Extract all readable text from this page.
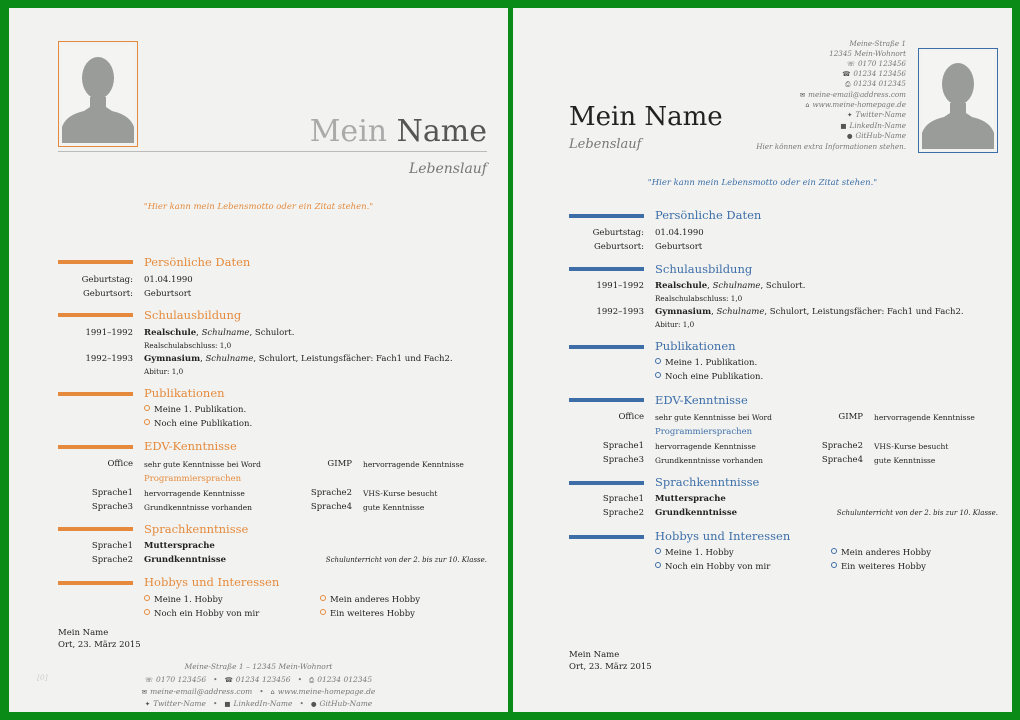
Mein Name
Lebenslauf
"Hier kann mein Lebensmotto oder ein Zitat stehen."
Persönliche Daten
Geburtstag: 01.04.1990
Geburtsort: Geburtsort
Schulausbildung
1991–1992 Realschule, Schulname, Schulort.
Realschulabschluss: 1,0
1992–1993 Gymnasium, Schulname, Schulort, Leistungsfächer: Fach1 und Fach2.
Abitur: 1,0
Publikationen
Meine 1. Publikation.
Noch eine Publikation.
EDV-Kenntnisse
Office sehr gute Kenntnisse bei Word	GIMP hervorragende Kenntnisse
Programmiersprachen
Sprache1 hervorragende Kenntnisse	Sprache2 VHS-Kurse besucht
Sprache3 Grundkenntnisse vorhanden	Sprache4 gute Kenntnisse
Sprachkenntnisse
Sprache1 Muttersprache
Sprache2 Grundkenntnisse	Schulunterricht von der 2. bis zur 10. Klasse.
Hobbys und Interessen
Meine 1. Hobby	Mein anderes Hobby
Noch ein Hobby von mir	Ein weiteres Hobby
Mein Name
Ort, 23. März 2015
[0]
Meine-Straße 1 – 12345 Mein-Wohnort
☏ 0170 123456 • ☎ 01234 123456 • ⎙ 01234 012345
✉ meine-email@address.com • ⌂ www.meine-homepage.de
✦ Twitter-Name • ■ LinkedIn-Name • ● GitHub-Name
Mein Name
Lebenslauf
Meine-Straße 1
12345 Mein-Wohnort
☏ 0170 123456
☎ 01234 123456
⎙ 01234 012345
✉ meine-email@address.com
⌂ www.meine-homepage.de
✦ Twitter-Name
■ LinkedIn-Name
● GitHub-Name
Hier können extra Informationen stehen.
"Hier kann mein Lebensmotto oder ein Zitat stehen."
Persönliche Daten
Geburtstag: 01.04.1990
Geburtsort: Geburtsort
Schulausbildung
1991–1992 Realschule, Schulname, Schulort.
Realschulabschluss: 1,0
1992–1993 Gymnasium, Schulname, Schulort, Leistungsfächer: Fach1 und Fach2.
Abitur: 1,0
Publikationen
Meine 1. Publikation.
Noch eine Publikation.
EDV-Kenntnisse
Office sehr gute Kenntnisse bei Word	GIMP hervorragende Kenntnisse
Programmiersprachen
Sprache1 hervorragende Kenntnisse	Sprache2 VHS-Kurse besucht
Sprache3 Grundkenntnisse vorhanden	Sprache4 gute Kenntnisse
Sprachkenntnisse
Sprache1 Muttersprache
Sprache2 Grundkenntnisse	Schulunterricht von der 2. bis zur 10. Klasse.
Hobbys und Interessen
Meine 1. Hobby	Mein anderes Hobby
Noch ein Hobby von mir	Ein weiteres Hobby
Mein Name
Ort, 23. März 2015
